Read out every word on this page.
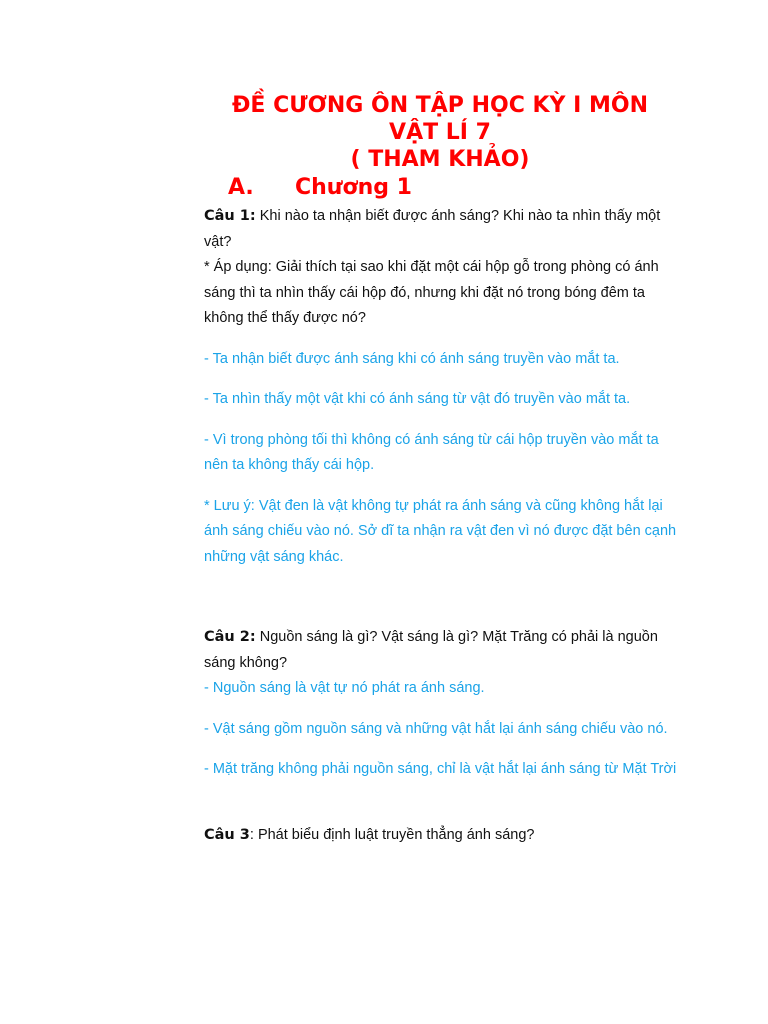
ĐỀ CƯƠNG ÔN TẬP HỌC KỲ I MÔN
VẬT LÍ 7
( THAM KHẢO)
A. Chương 1

Câu 1: Khi nào ta nhận biết được ánh sáng? Khi nào ta nhìn thấy một vật?

* Áp dụng: Giải thích tại sao khi đặt một cái hộp gỗ trong phòng có ánh sáng thì ta nhìn thấy cái hộp đó, nhưng khi đặt nó trong bóng đêm ta không thể thấy được nó?

- Ta nhận biết được ánh sáng khi có ánh sáng truyền vào mắt ta.

- Ta nhìn thấy một vật khi có ánh sáng từ vật đó truyền vào mắt ta.

- Vì trong phòng tối thì không có ánh sáng từ cái hộp truyền vào mắt ta nên ta không thấy cái hộp.

* Lưu ý: Vật đen là vật không tự phát ra ánh sáng và cũng không hắt lại ánh sáng chiếu vào nó. Sở dĩ ta nhận ra vật đen vì nó được đặt bên cạnh những vật sáng khác.

Câu 2: Nguồn sáng là gì? Vật sáng là gì? Mặt Trăng có phải là nguồn sáng không?

- Nguồn sáng là vật tự nó phát ra ánh sáng.

- Vật sáng gồm nguồn sáng và những vật hắt lại ánh sáng chiếu vào nó.

- Mặt trăng không phải nguồn sáng, chỉ là vật hắt lại ánh sáng từ Mặt Trời

Câu 3: Phát biểu định luật truyền thẳng ánh sáng?
